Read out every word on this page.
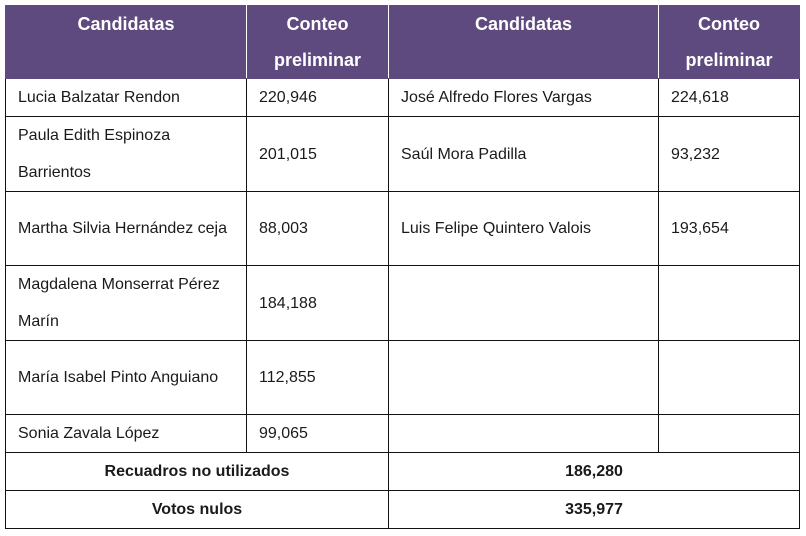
Candidatas	Conteo preliminar	Candidatas	Conteo preliminar
Lucia Balzatar Rendon	220,946	José Alfredo Flores Vargas	224,618
Paula Edith Espinoza Barrientos	201,015	Saúl Mora Padilla	93,232
Martha Silvia Hernández ceja	88,003	Luis Felipe Quintero Valois	193,654
Magdalena Monserrat Pérez Marín	184,188		
María Isabel Pinto Anguiano	112,855		
Sonia Zavala López	99,065		
Recuadros no utilizados		186,280	
Votos nulos		335,977	
